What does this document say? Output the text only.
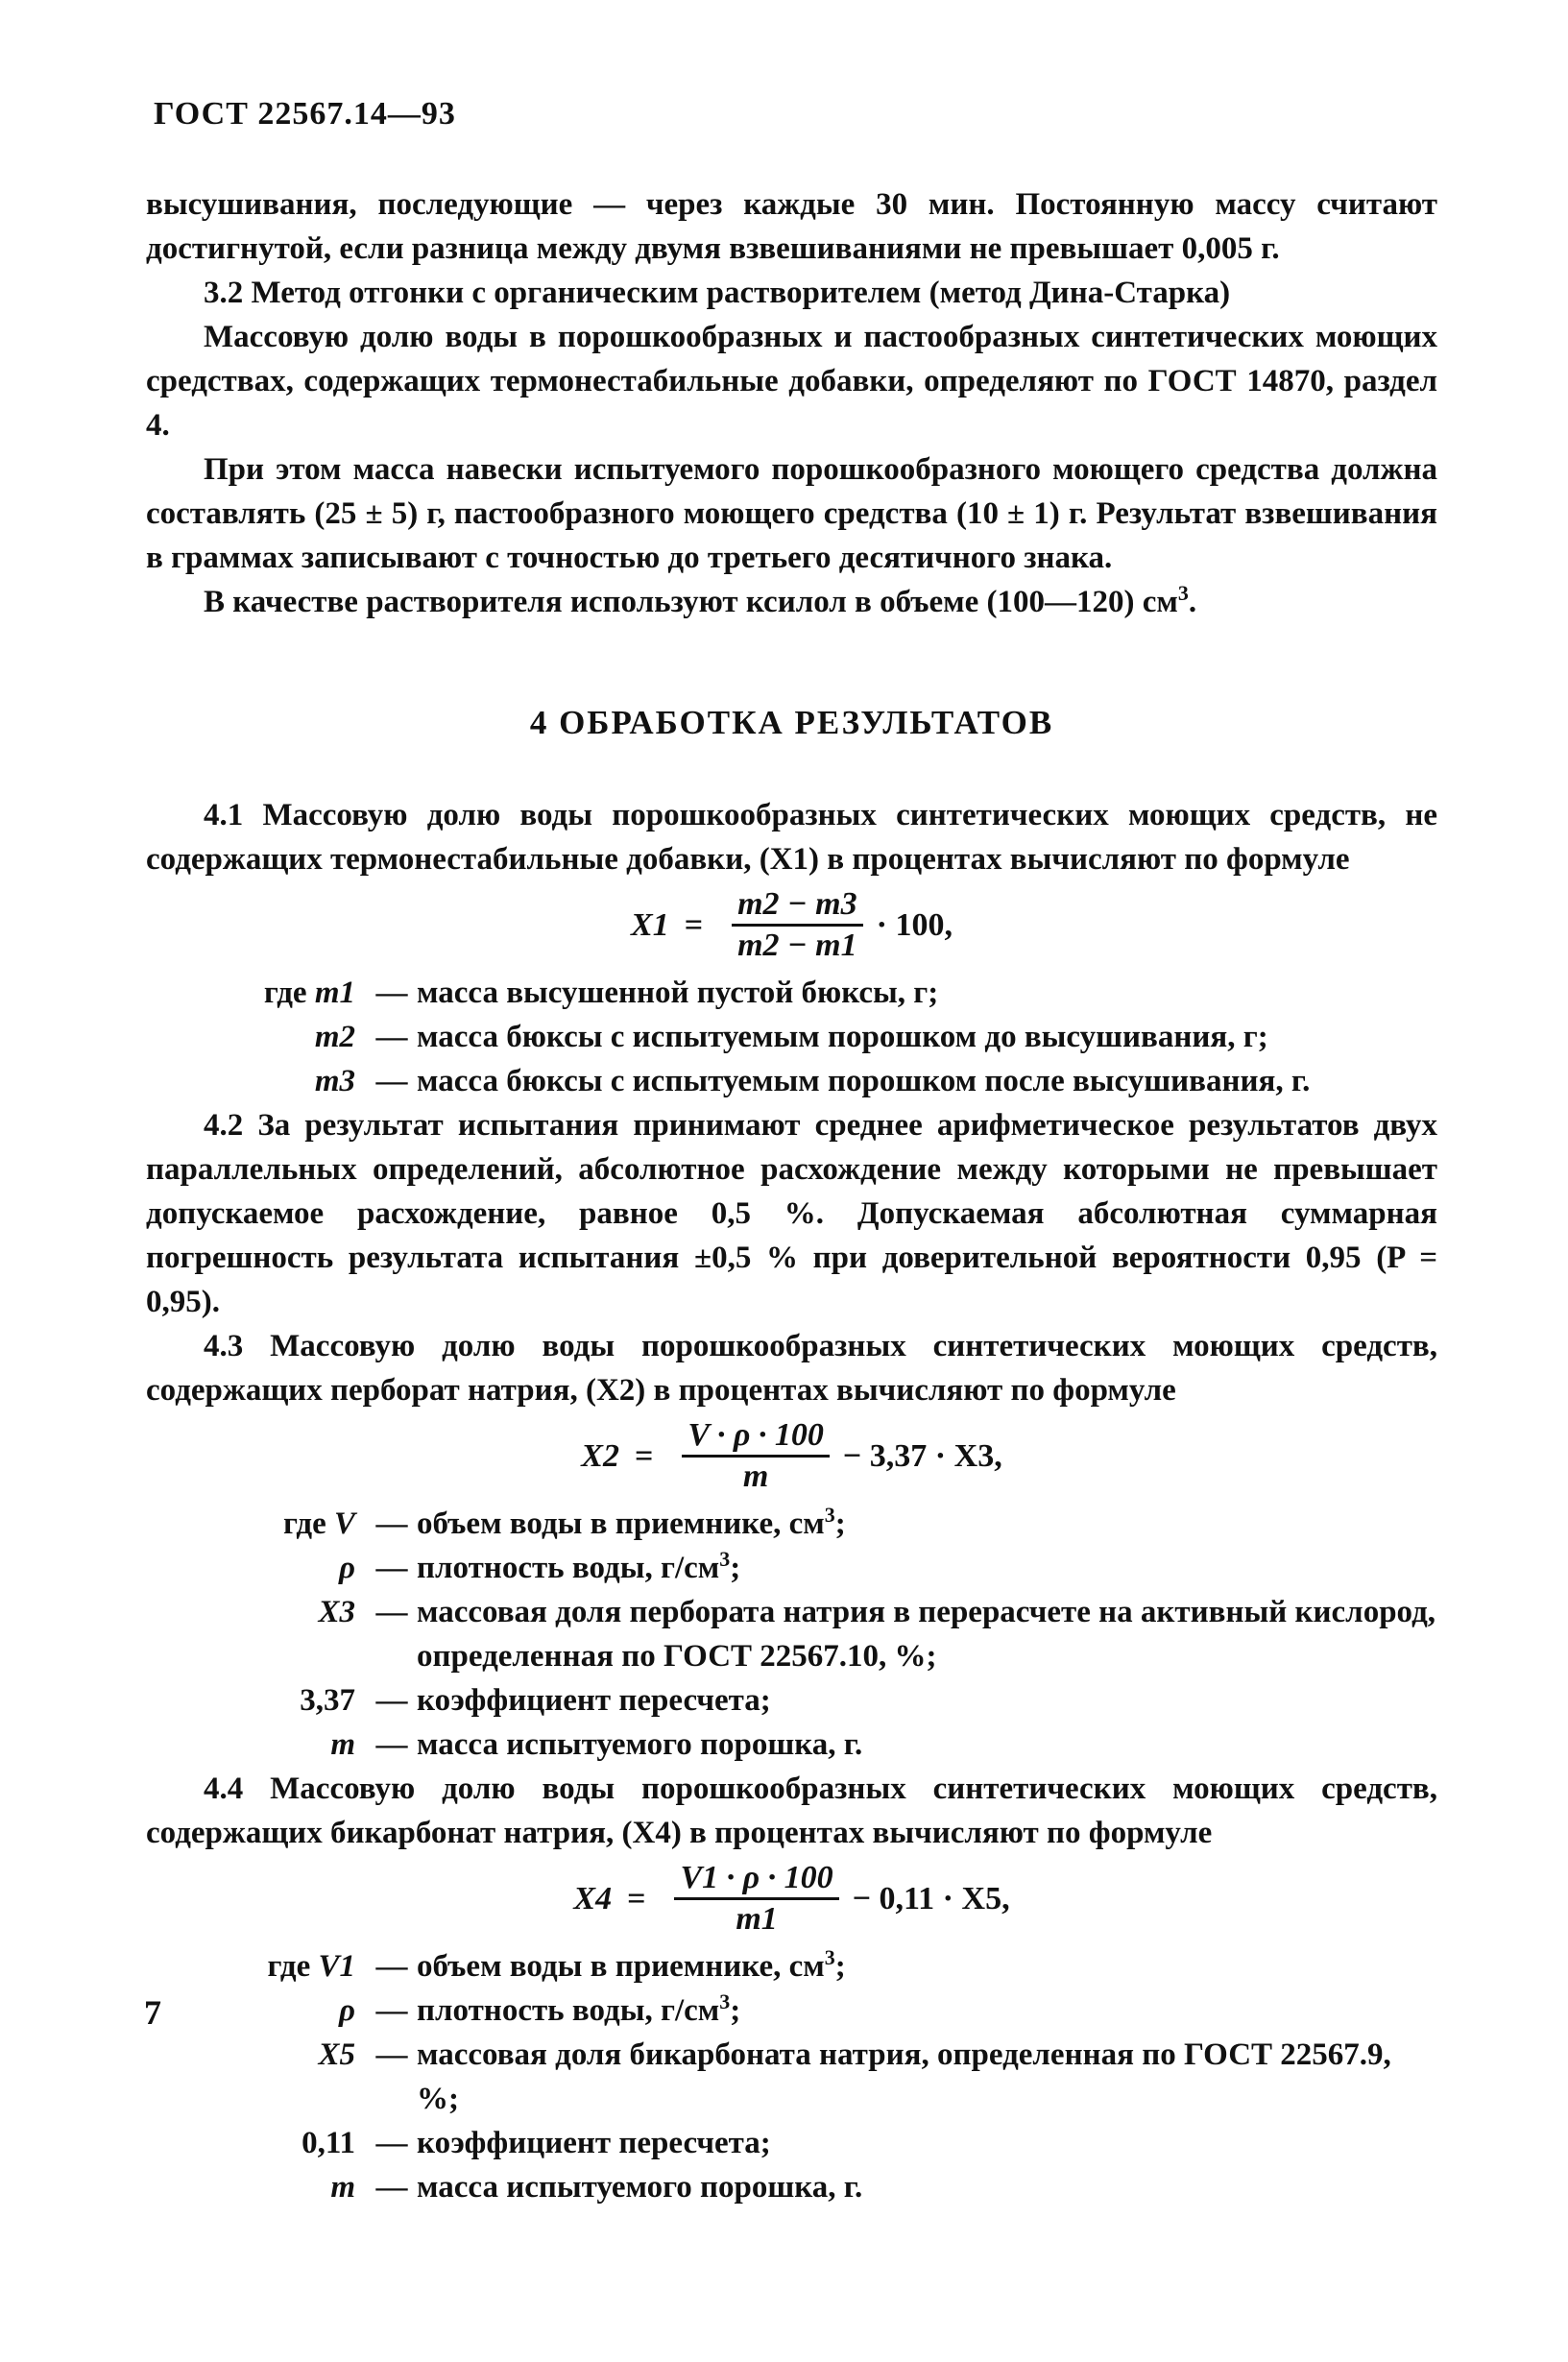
ГОСТ 22567.14—93

высушивания, последующие — через каждые 30 мин. Постоянную массу считают достигнутой, если разница между двумя взвешиваниями не превышает 0,005 г.

3.2 Метод отгонки с органическим растворителем (метод Дина-Старка)

Массовую долю воды в порошкообразных и пастообразных синтетических моющих средствах, содержащих термонестабильные добавки, определяют по ГОСТ 14870, раздел 4.

При этом масса навески испытуемого порошкообразного моющего средства должна составлять (25 ± 5) г, пастообразного моющего средства (10 ± 1) г. Результат взвешивания в граммах записывают с точностью до третьего десятичного знака.

В качестве растворителя используют ксилол в объеме (100—120) $см^3$.

4 ОБРАБОТКА РЕЗУЛЬТАТОВ

4.1 Массовую долю воды порошкообразных синтетических моющих средств, не содержащих термонестабильные добавки, (X1) в процентах вычисляют по формуле

$X1 = \frac{m2 - m3}{m2 - m1} \cdot 100$,
где m1 — масса высушенной пустой бюксы, г;
m2 — масса бюксы с испытуемым порошком до высушивания, г;
m3 — масса бюксы с испытуемым порошком после высушивания, г.

4.2 За результат испытания принимают среднее арифметическое результатов двух параллельных определений, абсолютное расхождение между которыми не превышает допускаемое расхождение, равное 0,5 %. Допускаемая абсолютная суммарная погрешность результата испытания ±0,5 % при доверительной вероятности 0,95 (P = 0,95).

4.3 Массовую долю воды порошкообразных синтетических моющих средств, содержащих перборат натрия, (X2) в процентах вычисляют по формуле

$X2 = \frac{V \cdot \rho \cdot 100}{m} - 3,37 \cdot X3$,
где V — объем воды в приемнике, $см^3$;
ρ — плотность воды, $г/см^3$;
X3 — массовая доля пербората натрия в перерасчете на активный кислород,
определенная по ГОСТ 22567.10, %;
3,37 — коэффициент пересчета;
m — масса испытуемого порошка, г.

4.4 Массовую долю воды порошкообразных синтетических моющих средств, содержащих бикарбонат натрия, (X4) в процентах вычисляют по формуле

$X4 = \frac{V1 \cdot \rho \cdot 100}{m1} - 0,11 \cdot X5$,
где V1 — объем воды в приемнике, $см^3$;
ρ — плотность воды, $г/см^3$;
X5 — массовая доля бикарбоната натрия, определенная по ГОСТ 22567.9, %;
0,11 — коэффициент пересчета;
m — масса испытуемого порошка, г.
7
